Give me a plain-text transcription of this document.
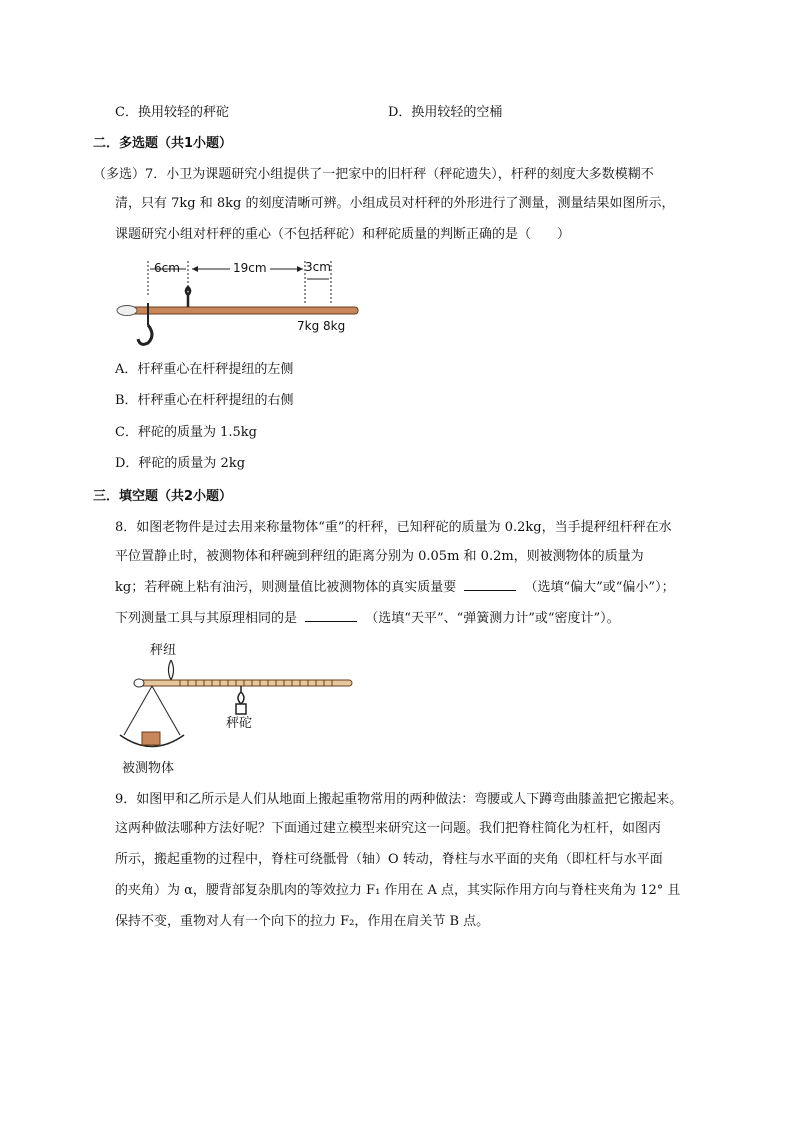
C．换用较轻的秤砣	D．换用较轻的空桶
二．多选题（共1小题）
（多选）7．小卫为课题研究小组提供了一把家中的旧杆秤（秤砣遗失），杆秤的刻度大多数模糊不
清，只有 7kg 和 8kg 的刻度清晰可辨。小组成员对杆秤的外形进行了测量，测量结果如图所示，
课题研究小组对杆秤的重心（不包括秤砣）和秤砣质量的判断正确的是（　　）
6cm	19cm	3cm
7kg 8kg
A．杆秤重心在杆秤提纽的左侧
B．杆秤重心在杆秤提纽的右侧
C．秤砣的质量为 1.5kg
D．秤砣的质量为 2kg
三．填空题（共2小题）
8．如图老物件是过去用来称量物体“重”的杆秤，已知秤砣的质量为 0.2kg，当手提秤纽杆秤在水
平位置静止时，被测物体和秤碗到秤纽的距离分别为 0.05m 和 0.2m，则被测物体的质量为
kg；若秤碗上粘有油污，则测量值比被测物体的真实质量要	（选填“偏大”或“偏小”）；
下列测量工具与其原理相同的是	（选填“天平”、“弹簧测力计”或“密度计”）。
秤纽
秤砣
被测物体
9．如图甲和乙所示是人们从地面上搬起重物常用的两种做法：弯腰或人下蹲弯曲膝盖把它搬起来。
这两种做法哪种方法好呢？下面通过建立模型来研究这一问题。我们把脊柱简化为杠杆，如图丙
所示，搬起重物的过程中，脊柱可绕骶骨（轴）O 转动，脊柱与水平面的夹角（即杠杆与水平面
的夹角）为 α，腰背部复杂肌肉的等效拉力 F₁ 作用在 A 点，其实际作用方向与脊柱夹角为 12° 且
保持不变，重物对人有一个向下的拉力 F₂，作用在肩关节 B 点。
